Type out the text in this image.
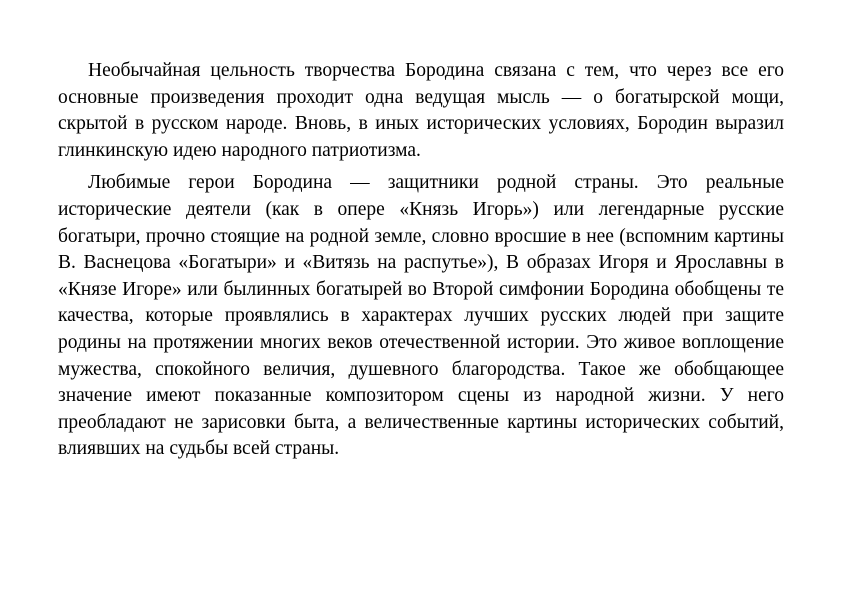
Необычайная цельность творчества Бородина связана с тем, что через все его основные произведения проходит одна ведущая мысль — о богатырской мощи, скрытой в русском народе. Вновь, в иных исторических условиях, Бородин выразил глинкинскую идею народного патриотизма.

Любимые герои Бородина — защитники родной страны. Это реальные исторические деятели (как в опере «Князь Игорь») или легендарные русские богатыри, прочно стоящие на родной земле, словно вросшие в нее (вспомним картины В. Васнецова «Богатыри» и «Витязь на распутье»), В образах Игоря и Ярославны в «Князе Игоре» или былинных богатырей во Второй симфонии Бородина обобщены те качества, которые проявлялись в характерах лучших русских людей при защите родины на протяжении многих веков отечественной истории. Это живое воплощение мужества, спокойного величия, душевного благородства. Такое же обобщающее значение имеют показанные композитором сцены из народной жизни. У него преобладают не зарисовки быта, а величественные картины исторических событий, влиявших на судьбы всей страны.
